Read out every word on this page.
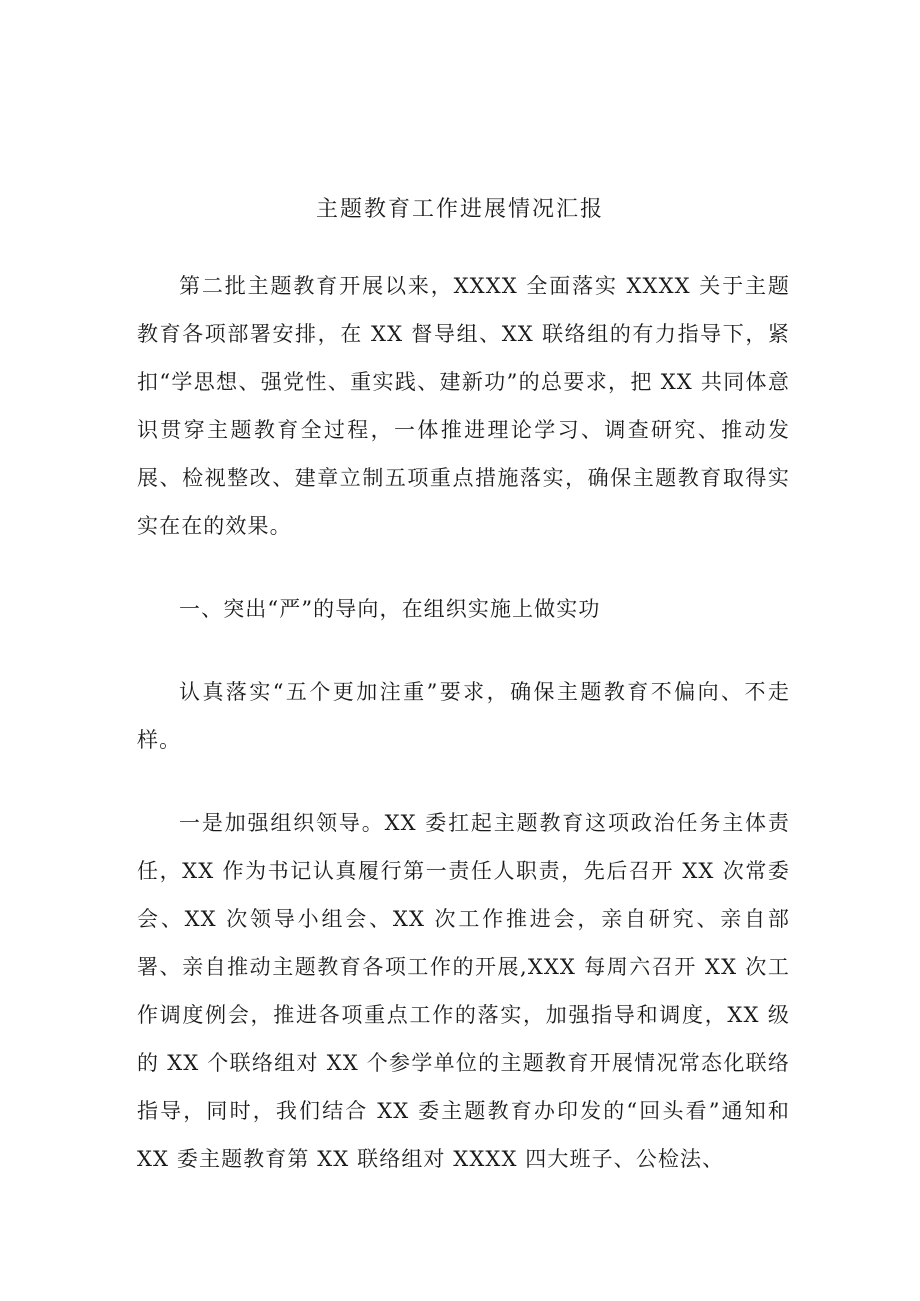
主题教育工作进展情况汇报

第二批主题教育开展以来，XXXX 全面落实 XXXX 关于主题教育各项部署安排，在 XX 督导组、XX 联络组的有力指导下，紧扣“学思想、强党性、重实践、建新功”的总要求，把 XX 共同体意识贯穿主题教育全过程，一体推进理论学习、调查研究、推动发展、检视整改、建章立制五项重点措施落实，确保主题教育取得实实在在的效果。

一、突出“严”的导向，在组织实施上做实功

认真落实“五个更加注重”要求，确保主题教育不偏向、不走样。

一是加强组织领导。XX 委扛起主题教育这项政治任务主体责任，XX 作为书记认真履行第一责任人职责，先后召开 XX 次常委会、XX 次领导小组会、XX 次工作推进会，亲自研究、亲自部署、亲自推动主题教育各项工作的开展,XXX 每周六召开 XX 次工作调度例会，推进各项重点工作的落实，加强指导和调度，XX 级的 XX 个联络组对 XX 个参学单位的主题教育开展情况常态化联络指导，同时，我们结合 XX 委主题教育办印发的“回头看”通知和 XX 委主题教育第 XX 联络组对 XXXX 四大班子、公检法、
